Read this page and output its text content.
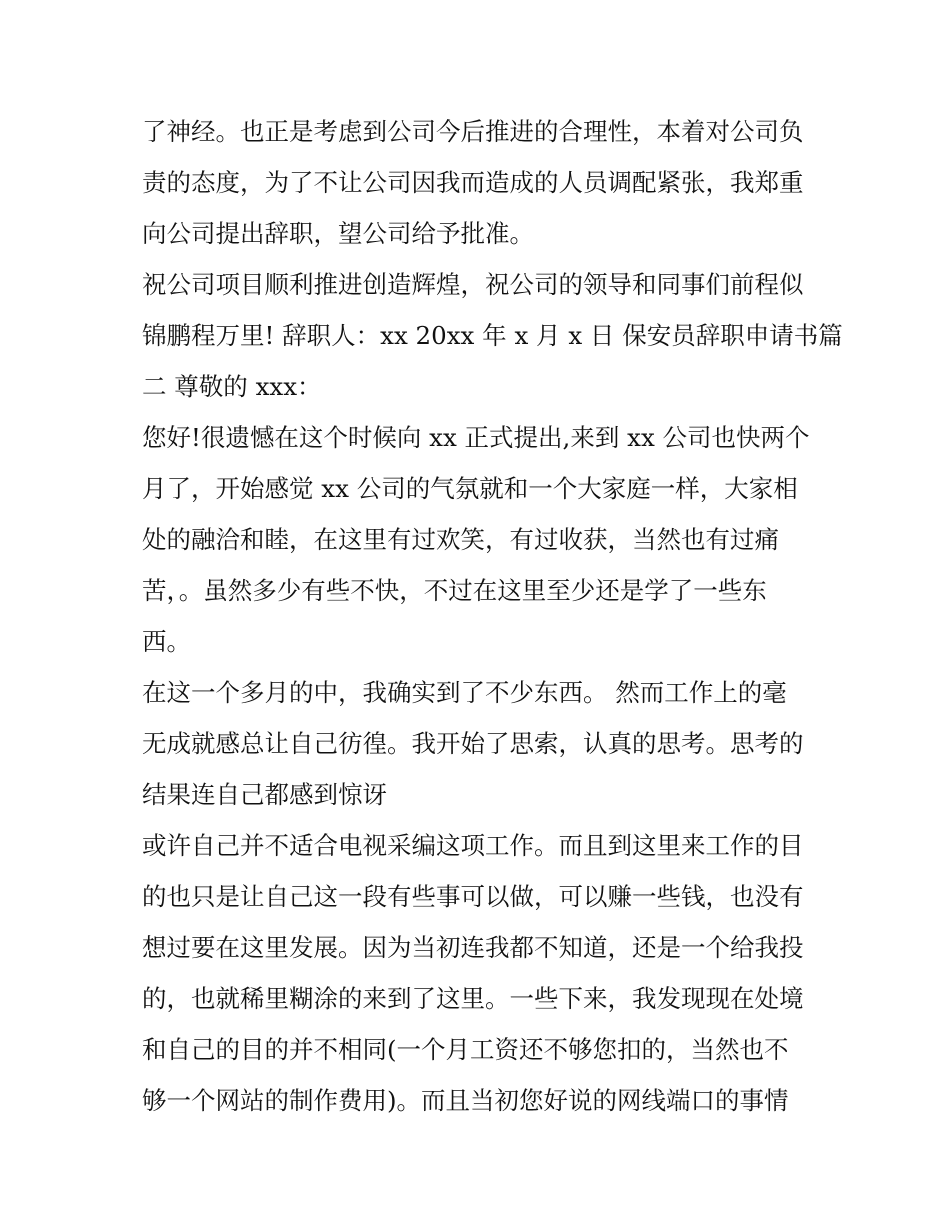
了神经。也正是考虑到公司今后推进的合理性，本着对公司负
责的态度，为了不让公司因我而造成的人员调配紧张，我郑重
向公司提出辞职，望公司给予批准。
祝公司项目顺利推进创造辉煌，祝公司的领导和同事们前程似
锦鹏程万里! 辞职人：xx 20xx 年 x 月 x 日 保安员辞职申请书篇
二 尊敬的 xxx：
您好!很遗憾在这个时候向 xx 正式提出,来到 xx 公司也快两个
月了，开始感觉 xx 公司的气氛就和一个大家庭一样，大家相
处的融洽和睦，在这里有过欢笑，有过收获，当然也有过痛
苦，。虽然多少有些不快，不过在这里至少还是学了一些东
西。
在这一个多月的中，我确实到了不少东西。 然而工作上的毫
无成就感总让自己彷徨。我开始了思索，认真的思考。思考的
结果连自己都感到惊讶
或许自己并不适合电视采编这项工作。而且到这里来工作的目
的也只是让自己这一段有些事可以做，可以赚一些钱，也没有
想过要在这里发展。因为当初连我都不知道，还是一个给我投
的，也就稀里糊涂的来到了这里。一些下来，我发现现在处境
和自己的目的并不相同(一个月工资还不够您扣的，当然也不
够一个网站的制作费用)。而且当初您好说的网线端口的事情
